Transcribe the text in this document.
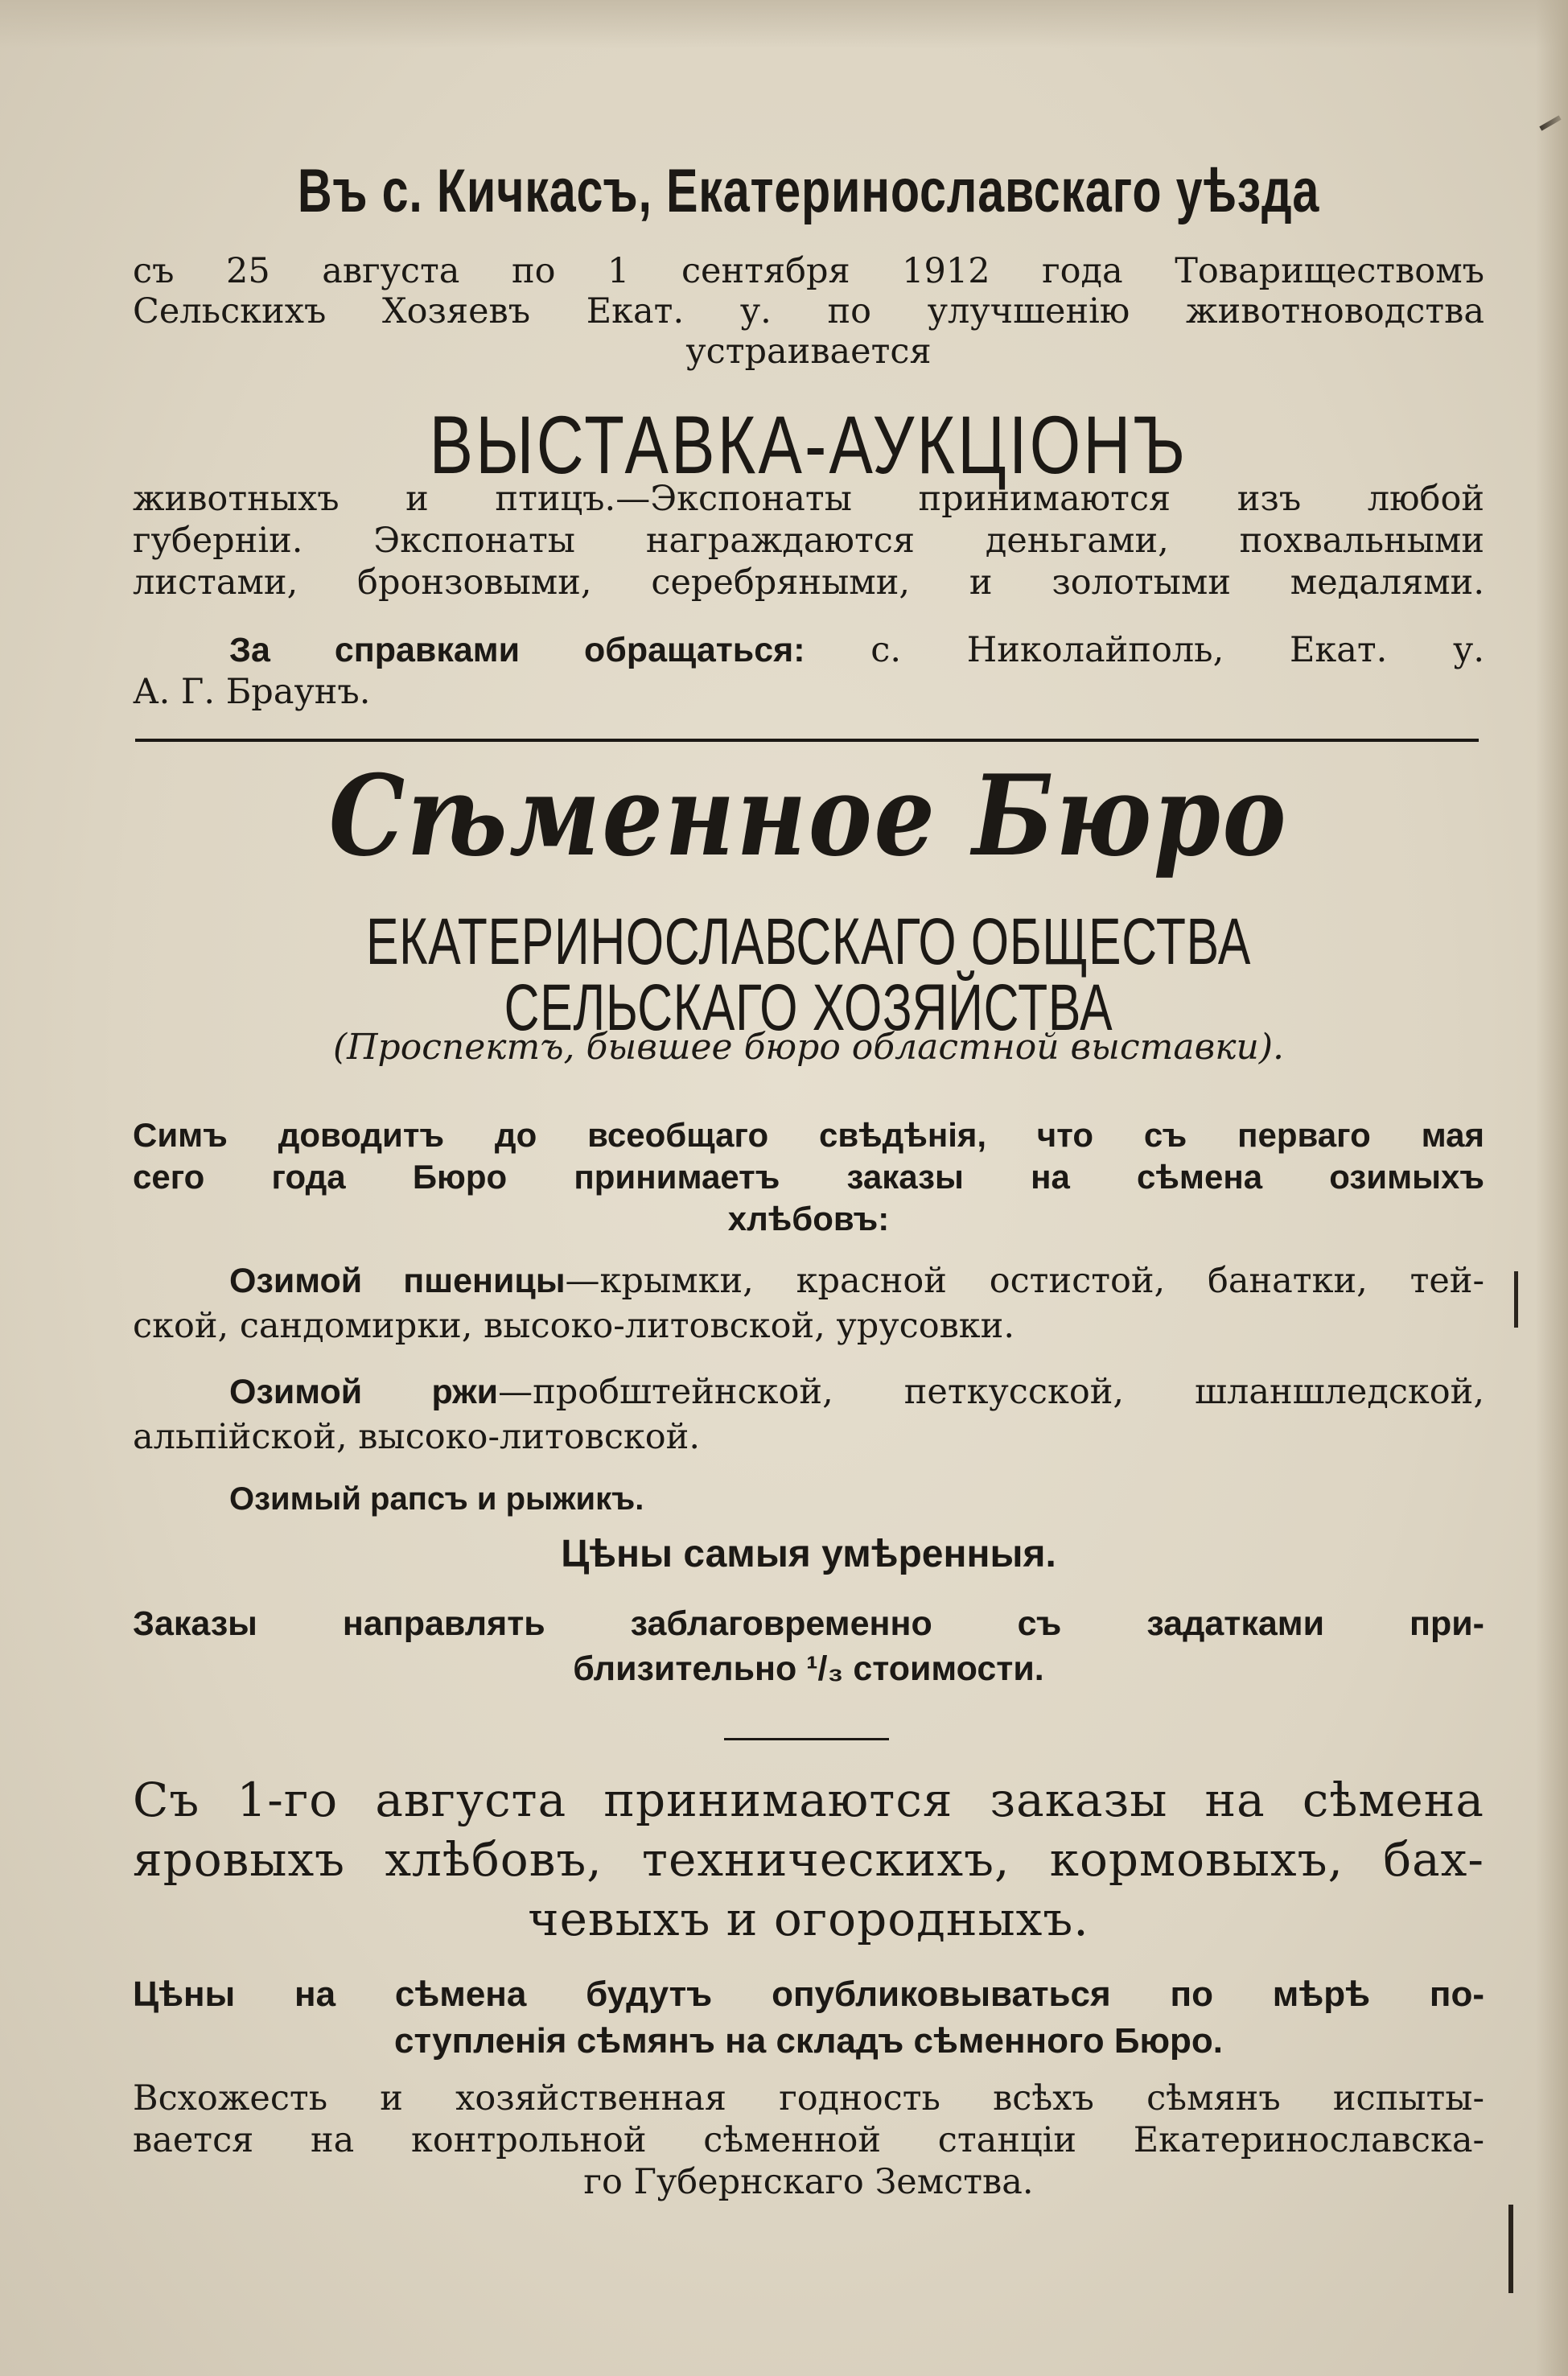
Въ с. Кичкасъ, Екатеринославскаго уѣзда

съ 25 августа по 1 сентября 1912 года Товариществомъ

Сельскихъ Хозяевъ Екат. у. по улучшенію животноводства

устраивается

ВЫСТАВКА-АУКЦІОНЪ

животныхъ и птицъ.—Экспонаты принимаются изъ любой

губерніи. Экспонаты награждаются деньгами, похвальными

листами, бронзовыми, серебряными, и золотыми медалями.

За справками обращаться: с. Николайполь, Екат. у.

А. Г. Браунъ.

Сѣменное Бюро
ЕКАТЕРИНОСЛАВСКАГО ОБЩЕСТВА СЕЛЬСКАГО ХОЗЯЙСТВА
(Проспектъ, бывшее бюро областной выставки).

Симъ доводитъ до всеобщаго свѣдѣнія, что съ перваго мая

сего года Бюро принимаетъ заказы на сѣмена озимыхъ

хлѣбовъ:

Озимой пшеницы—крымки, красной остистой, банатки, тей-

ской, сандомирки, высоко-литовской, урусовки.

Озимой ржи—пробштейнской, петкусской, шланшледской,

альпійской, высоко-литовской.

Озимый рапсъ и рыжикъ.
Цѣны самыя умѣренныя.

Заказы направлять заблаговременно съ задатками при-

близительно ¹/₃ стоимости.

Съ 1-го августа принимаются заказы на сѣмена

яровыхъ хлѣбовъ, техническихъ, кормовыхъ, бах-

чевыхъ и огородныхъ.

Цѣны на сѣмена будутъ опубликовываться по мѣрѣ по-

ступленія сѣмянъ на складъ сѣменного Бюро.

Всхожесть и хозяйственная годность всѣхъ сѣмянъ испыты-

вается на контрольной сѣменной станціи Екатеринославска-

го Губернскаго Земства.
